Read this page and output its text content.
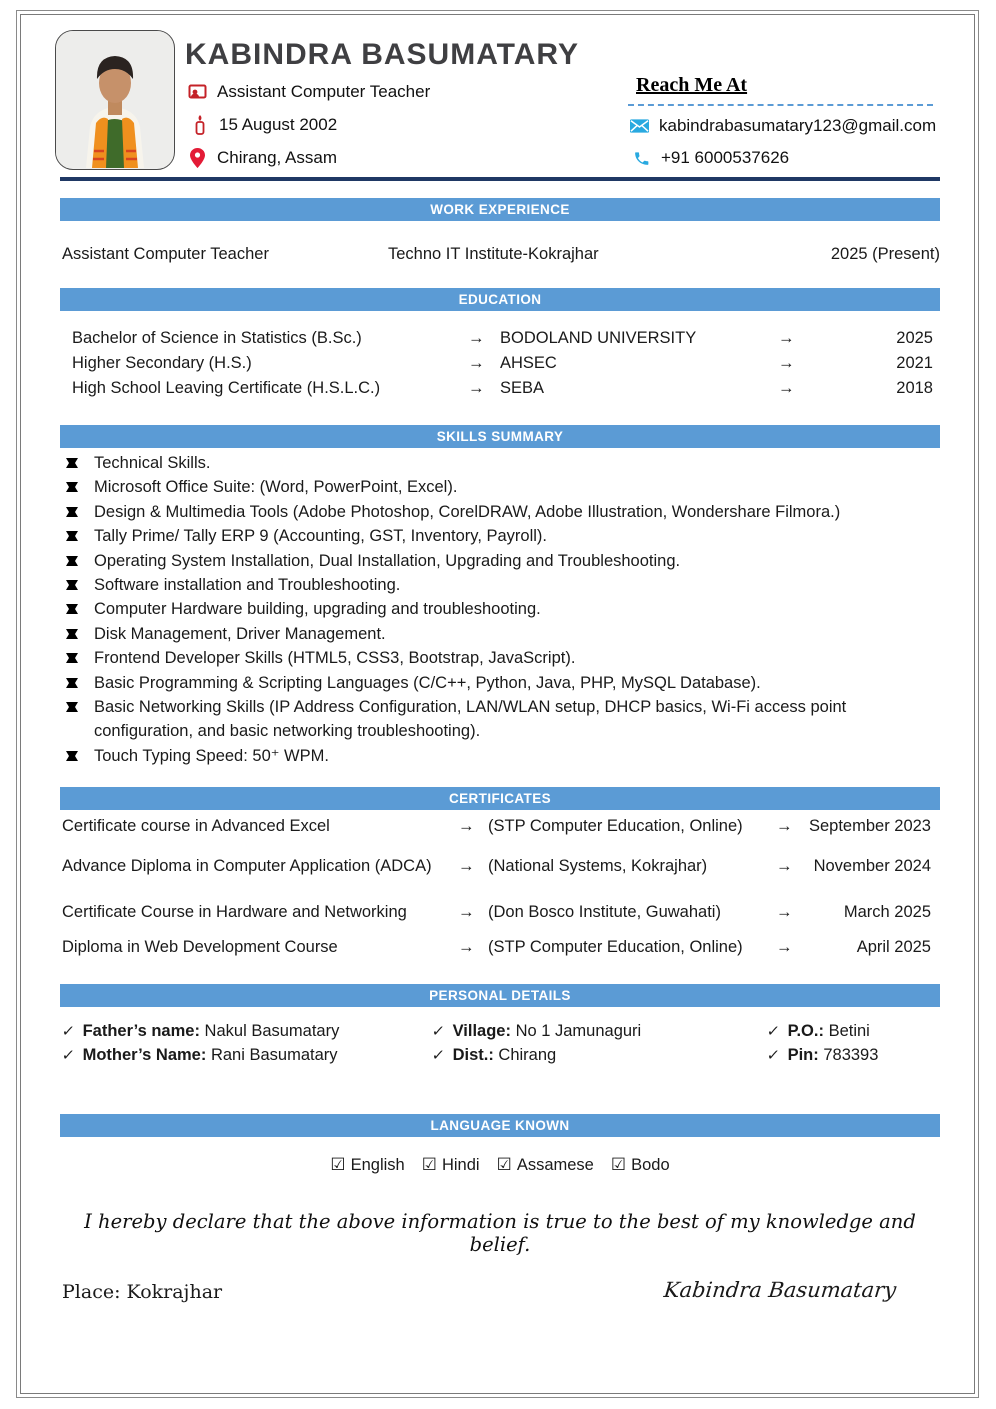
KABINDRA BASUMATARY
Assistant Computer Teacher
15 August 2002
Chirang, Assam
Reach Me At
kabindrabasumatary123@gmail.com
+91 6000537626
WORK EXPERIENCE
Assistant Computer Teacher	Techno IT Institute-Kokrajhar	2025 (Present)
EDUCATION
Bachelor of Science in Statistics (B.Sc.)	→ BODOLAND UNIVERSITY	→	2025
Higher Secondary (H.S.)	→ AHSEC	→	2021
High School Leaving Certificate (H.S.L.C.)	→ SEBA	→	2018
SKILLS SUMMARY
Technical Skills.
Microsoft Office Suite: (Word, PowerPoint, Excel).
Design & Multimedia Tools (Adobe Photoshop, CorelDRAW, Adobe Illustration, Wondershare Filmora.)
Tally Prime/ Tally ERP 9 (Accounting, GST, Inventory, Payroll).
Operating System Installation, Dual Installation, Upgrading and Troubleshooting.
Software installation and Troubleshooting.
Computer Hardware building, upgrading and troubleshooting.
Disk Management, Driver Management.
Frontend Developer Skills (HTML5, CSS3, Bootstrap, JavaScript).
Basic Programming & Scripting Languages (C/C++, Python, Java, PHP, MySQL Database).
Basic Networking Skills (IP Address Configuration, LAN/WLAN setup, DHCP basics, Wi-Fi access point configuration, and basic networking troubleshooting).
Touch Typing Speed: 50⁺ WPM.
CERTIFICATES
Certificate course in Advanced Excel	→ (STP Computer Education, Online)	→ September 2023
Advance Diploma in Computer Application (ADCA)	→ (National Systems, Kokrajhar)	→	November 2024
Certificate Course in Hardware and Networking	→ (Don Bosco Institute, Guwahati)	→	March 2025
Diploma in Web Development Course	→ (STP Computer Education, Online)	→	April 2025
PERSONAL DETAILS
✓ Father’s name: Nakul Basumatary	✓ Village: No 1 Jamunaguri	✓ P.O.: Betini
✓ Mother’s Name: Rani Basumatary	✓ Dist.: Chirang	✓ Pin: 783393
LANGUAGE KNOWN
☑ English ☑ Hindi ☑ Assamese ☑ Bodo
I hereby declare that the above information is true to the best of my knowledge and belief.
Place: Kokrajhar	Kabindra Basumatary
